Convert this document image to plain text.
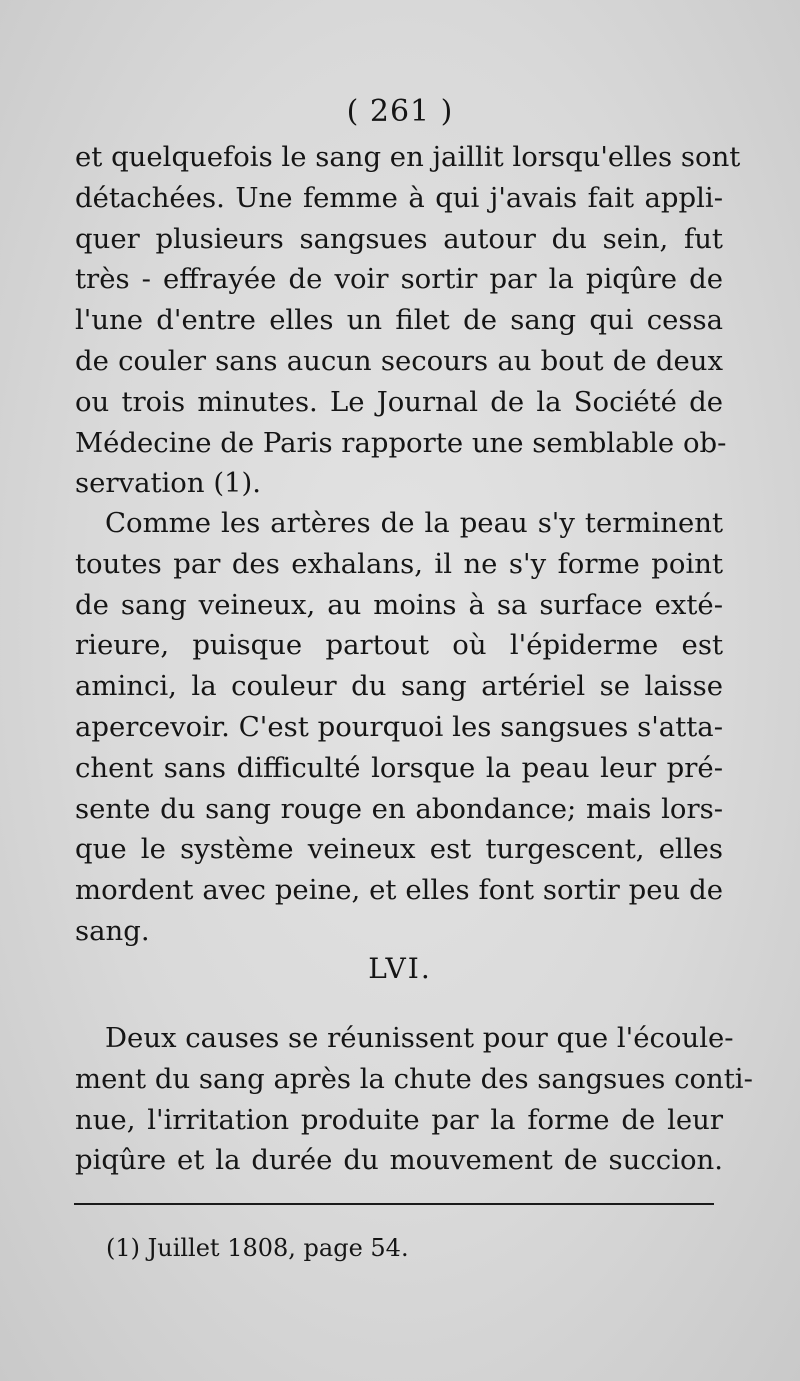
( 261 )
et quelquefois le sang en jaillit lorsqu'elles sont
détachées. Une femme à qui j'avais fait appli-
quer plusieurs sangsues autour du sein, fut
très - effrayée de voir sortir par la piqûre de
l'une d'entre elles un filet de sang qui cessa
de couler sans aucun secours au bout de deux
ou trois minutes. Le Journal de la Société de
Médecine de Paris rapporte une semblable ob-
servation (1).
Comme les artères de la peau s'y terminent
toutes par des exhalans, il ne s'y forme point
de sang veineux, au moins à sa surface exté-
rieure, puisque partout où l'épiderme est
aminci, la couleur du sang artériel se laisse
apercevoir. C'est pourquoi les sangsues s'atta-
chent sans difficulté lorsque la peau leur pré-
sente du sang rouge en abondance; mais lors-
que le système veineux est turgescent, elles
mordent avec peine, et elles font sortir peu de
sang.
LVI.
Deux causes se réunissent pour que l'écoule-
ment du sang après la chute des sangsues conti-
nue, l'irritation produite par la forme de leur
piqûre et la durée du mouvement de succion.
(1) Juillet 1808, page 54.
